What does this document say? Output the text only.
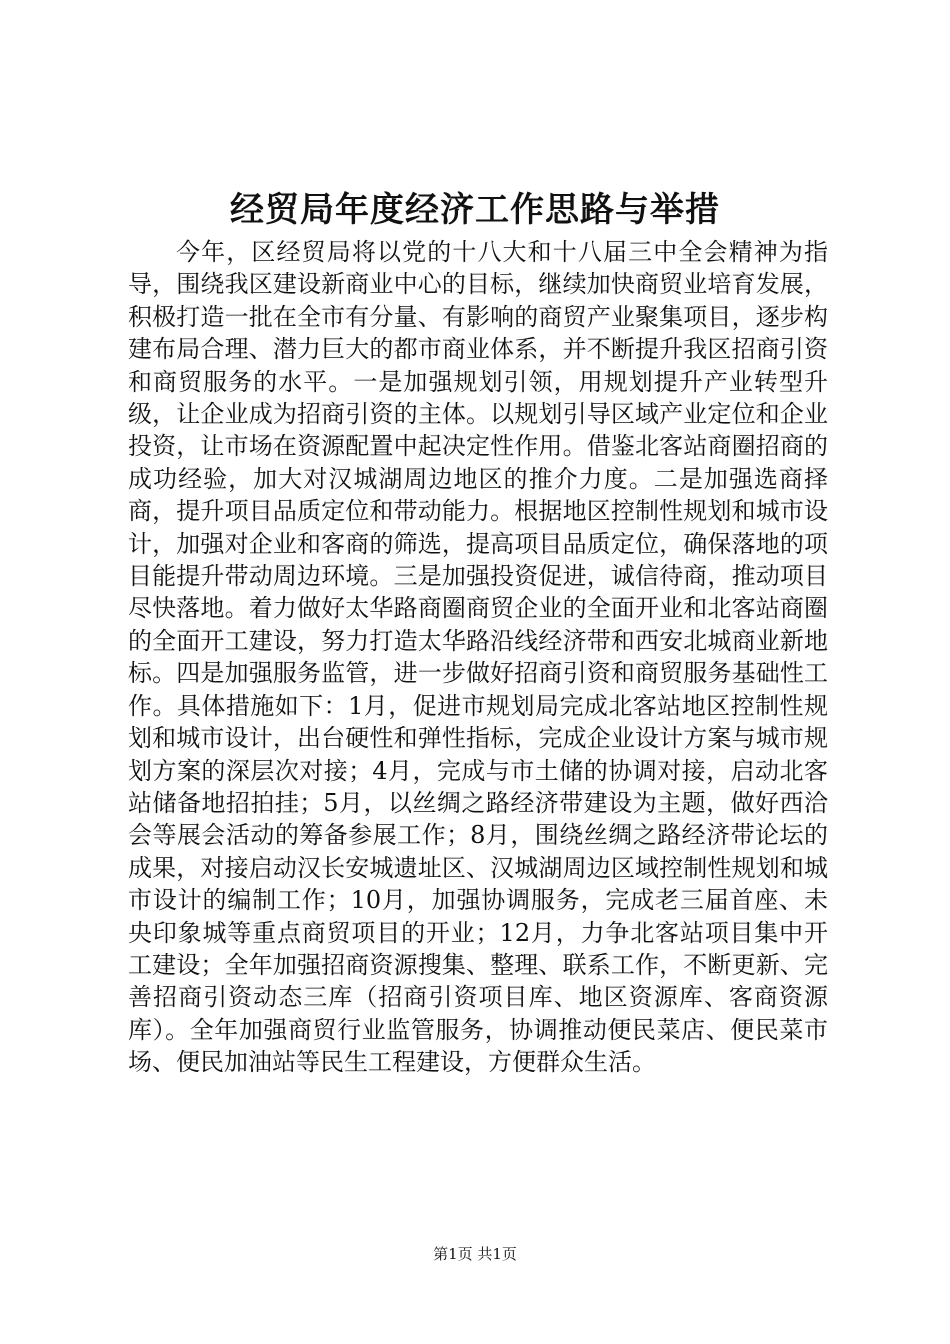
经贸局年度经济工作思路与举措

今年，区经贸局将以党的十八大和十八届三中全会精神为指导，围绕我区建设新商业中心的目标，继续加快商贸业培育发展，积极打造一批在全市有分量、有影响的商贸产业聚集项目，逐步构建布局合理、潜力巨大的都市商业体系，并不断提升我区招商引资和商贸服务的水平。一是加强规划引领，用规划提升产业转型升级，让企业成为招商引资的主体。以规划引导区域产业定位和企业投资，让市场在资源配置中起决定性作用。借鉴北客站商圈招商的成功经验，加大对汉城湖周边地区的推介力度。二是加强选商择商，提升项目品质定位和带动能力。根据地区控制性规划和城市设计，加强对企业和客商的筛选，提高项目品质定位，确保落地的项目能提升带动周边环境。三是加强投资促进，诚信待商，推动项目尽快落地。着力做好太华路商圈商贸企业的全面开业和北客站商圈的全面开工建设，努力打造太华路沿线经济带和西安北城商业新地标。四是加强服务监管，进一步做好招商引资和商贸服务基础性工作。具体措施如下：1月，促进市规划局完成北客站地区控制性规划和城市设计，出台硬性和弹性指标，完成企业设计方案与城市规划方案的深层次对接；4月，完成与市土储的协调对接，启动北客站储备地招拍挂；5月，以丝绸之路经济带建设为主题，做好西洽会等展会活动的筹备参展工作；8月，围绕丝绸之路经济带论坛的成果，对接启动汉长安城遗址区、汉城湖周边区域控制性规划和城市设计的编制工作；10月，加强协调服务，完成老三届首座、未央印象城等重点商贸项目的开业；12月，力争北客站项目集中开工建设；全年加强招商资源搜集、整理、联系工作，不断更新、完善招商引资动态三库（招商引资项目库、地区资源库、客商资源库）。全年加强商贸行业监管服务，协调推动便民菜店、便民菜市场、便民加油站等民生工程建设，方便群众生活。

第1页 共1页
